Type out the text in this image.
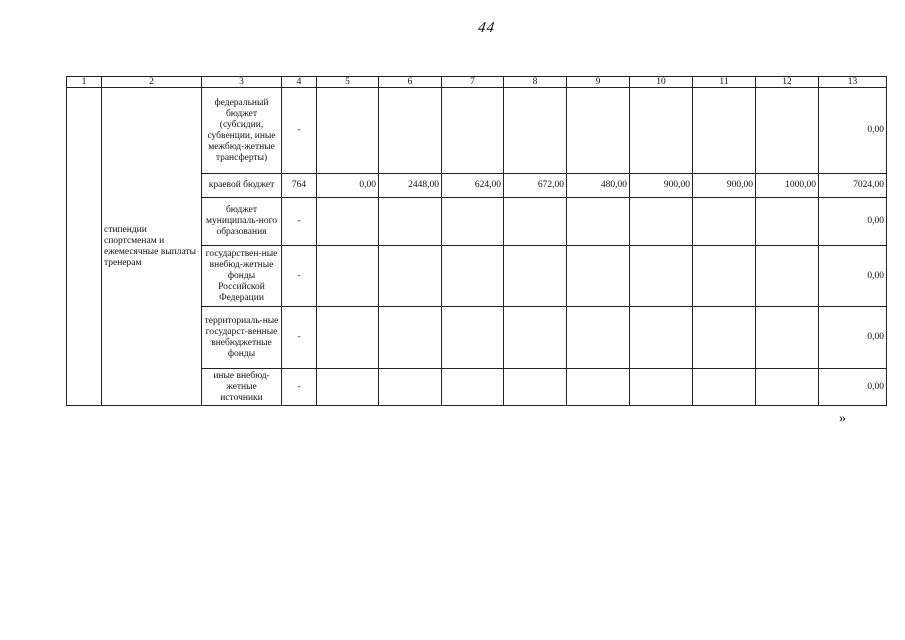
44
1	2	3	4	5	6	7	8	9	10	11	12	13
	стипендии спортсменам и ежемесячные выплаты тренерам	федеральный бюджет (субсидии, субвенции, иные межбюд-жетные трансферты)	-									0,00
		краевой бюджет	764	0,00	2448,00	624,00	672,00	480,00	900,00	900,00	1000,00	7024,00
		бюджет муниципаль-ного образования	-									0,00
		государствен-ные внебюд-жетные фонды Российской Федерации	-									0,00
		территориаль-ные государст-венные внебюджетные фонды	-									0,00
		иные внебюд-жетные источники	-									0,00
»
